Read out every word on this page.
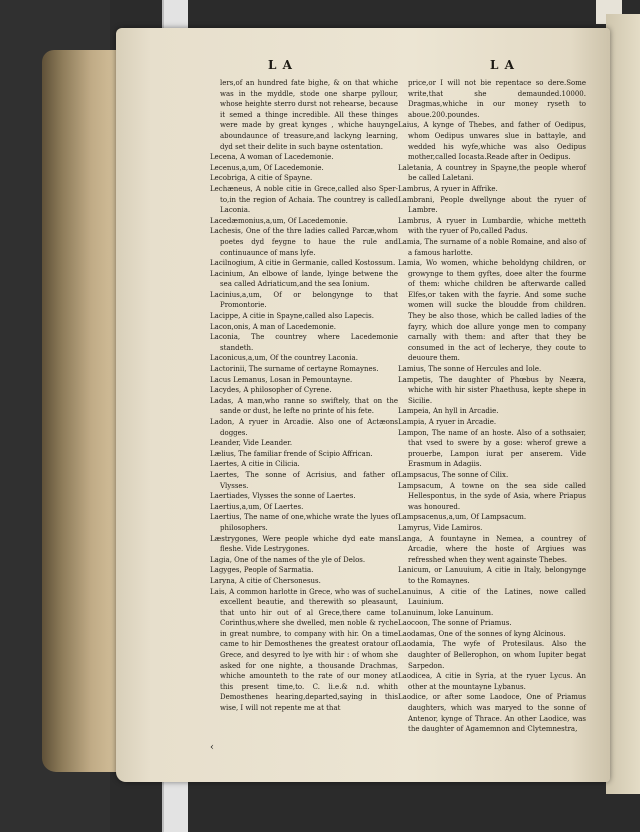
L A	L A

lers,of an hundred fate bighe, & on that whiche was in the myddle, stode one sharpe pyllour, whose heighte sterro durst not rehearse, because it semed a thinge incredible. All these thinges were made by great kynges , whiche hauynge aboundaunce of treasure,and lackyng learning, dyd set their delite in such bayne ostentation.

Lecena, A woman of Lacedemonie.

Lecenus,a,um, Of Lacedemonie.

Lecobriga, A citie of Spayne.

Lechæneus, A noble citie in Grece,called also Sper-to,in the region of Achaia. The countrey is called Laconia.

Lacedæmonius,a,um, Of Lacedemonie.

Lachesis, One of the thre ladies called Parcæ,whom poetes dyd feygne to haue the rule and continuaunce of mans lyfe.

Lacilnogium, A citie in Germanie, called Kostossum.

Lacinium, An elbowe of lande, lyinge betwene the sea called Adriaticum,and the sea Ionium.

Lacinius,a,um, Of or belongynge to that Promontorie.

Lacippe, A citie in Spayne,called also Lapecis.

Lacon,onis, A man of Lacedemonie.

Laconia, The countrey where Lacedemonie standeth.

Laconicus,a,um, Of the countrey Laconia.

Lactorinii, The surname of certayne Romaynes.

Lacus Lemanus, Losan in Pemountayne.

Lacydes, A philosopher of Cyrene.

Ladas, A man,who ranne so swiftely, that on the sande or dust, he lefte no printe of his fete.

Ladon, A ryuer in Arcadie. Also one of Actæons dogges.

Leander, Vide Leander.

Lælius, The familiar frende of Scipio Affrican.

Laertes, A citie in Cilicia.

Laertes, The sonne of Acrisius, and father of Vlysses.

Laertiades, Vlysses the sonne of Laertes.

Laertius,a,um, Of Laertes.

Laertius, The name of one,whiche wrate the lyues of philosophers.

Læstrygones, Were people whiche dyd eate mans fleshe. Vide Lestrygones.

Lagia, One of the names of the yle of Delos.

Lagyges, People of Sarmatia.

Laryna, A citie of Chersonesus.

Lais, A common harlotte in Grece, who was of suche excellent beautie, and therewith so pleasaunt, that unto hir out of al Grece,there came to Corinthus,where she dwelled, men noble & ryche in great numbre, to company with hir. On a time came to hir Demosthenes the greatest oratour of Grece, and desyred to lye with hir : of whom she asked for one nighte, a thousande Drachmas, whiche amounteth to the rate of our money at this present time,to. C. li.e.& n.d. whith Demosthenes hearing,departed,saying in this wise, I will not repente me at that

price,or I will not bie repentace so dere.Some write,that she demaunded.10000. Dragmas,whiche in our money ryseth to aboue.200.poundes.

Laius, A kynge of Thebes, and father of Oedipus, whom Oedipus unwares slue in battayle, and wedded his wyfe,whiche was also Oedipus mother,called Iocasta.Reade after in Oedipus.

Laletania, A countrey in Spayne,the people wherof be called Laletani.

Lambrus, A ryuer in Affrike.

Lambrani, People dwellynge about the ryuer of Lambre.

Lambrus, A ryuer in Lumbardie, whiche metteth with the ryuer of Po,called Padus.

Lamia, The surname of a noble Romaine, and also of a famous harlotte.

Lamia, Wo women, whiche beholdyng children, or growynge to them gyftes, doee alter the fourme of them: whiche children be afterwarde called Elfes,or taken with the fayrie. And some suche women will sucke the bloudde from children. They be also those, which be called ladies of the fayry, which doe allure yonge men to company carnally with them: and after that they be consumed in the act of lecherye, they coute to deuoure them.

Lamius, The sonne of Hercules and Iole.

Lampetis, The daughter of Phœbus by Neæra, whiche with hir sister Phaethusa, kepte shepe in Sicilie.

Lampeia, An hyll in Arcadie.

Lampia, A ryuer in Arcadie.

Lampon, The name of an hoste. Also of a sothsaier, that vsed to swere by a gose: wherof grewe a prouerbe, Lampon iurat per anserem. Vide Erasmum in Adagiis.

Lampsacus, The sonne of Cilix.

Lampsacum, A towne on the sea side called Hellespontus, in the syde of Asia, where Priapus was honoured.

Lampsacenus,a,um, Of Lampsacum.

Lamyrus, Vide Lamiros.

Langa, A fountayne in Nemea, a countrey of Arcadie, where the hoste of Argiues was refresshed when they went againste Thebes.

Lanicum, or Lanuuium, A citie in Italy, belongynge to the Romaynes.

Lanuinus, A citie of the Latines, nowe called Lauinium.

Lanuinum, loke Lanuinum.

Laocoon, The sonne of Priamus.

Laodamas, One of the sonnes of kyng Alcinous.

Laodamia, The wyfe of Protesilaus. Also the daughter of Bellerophon, on whom Iupiter begat Sarpedon.

Laodicea, A citie in Syria, at the ryuer Lycus. An other at the mountayne Lybanus.

Laodice, or after some Laodoce, One of Priamus daughters, which was maryed to the sonne of Antenor, kynge of Thrace. An other Laodice, was the daughter of Agamemnon and Clytemnestra,

‹
